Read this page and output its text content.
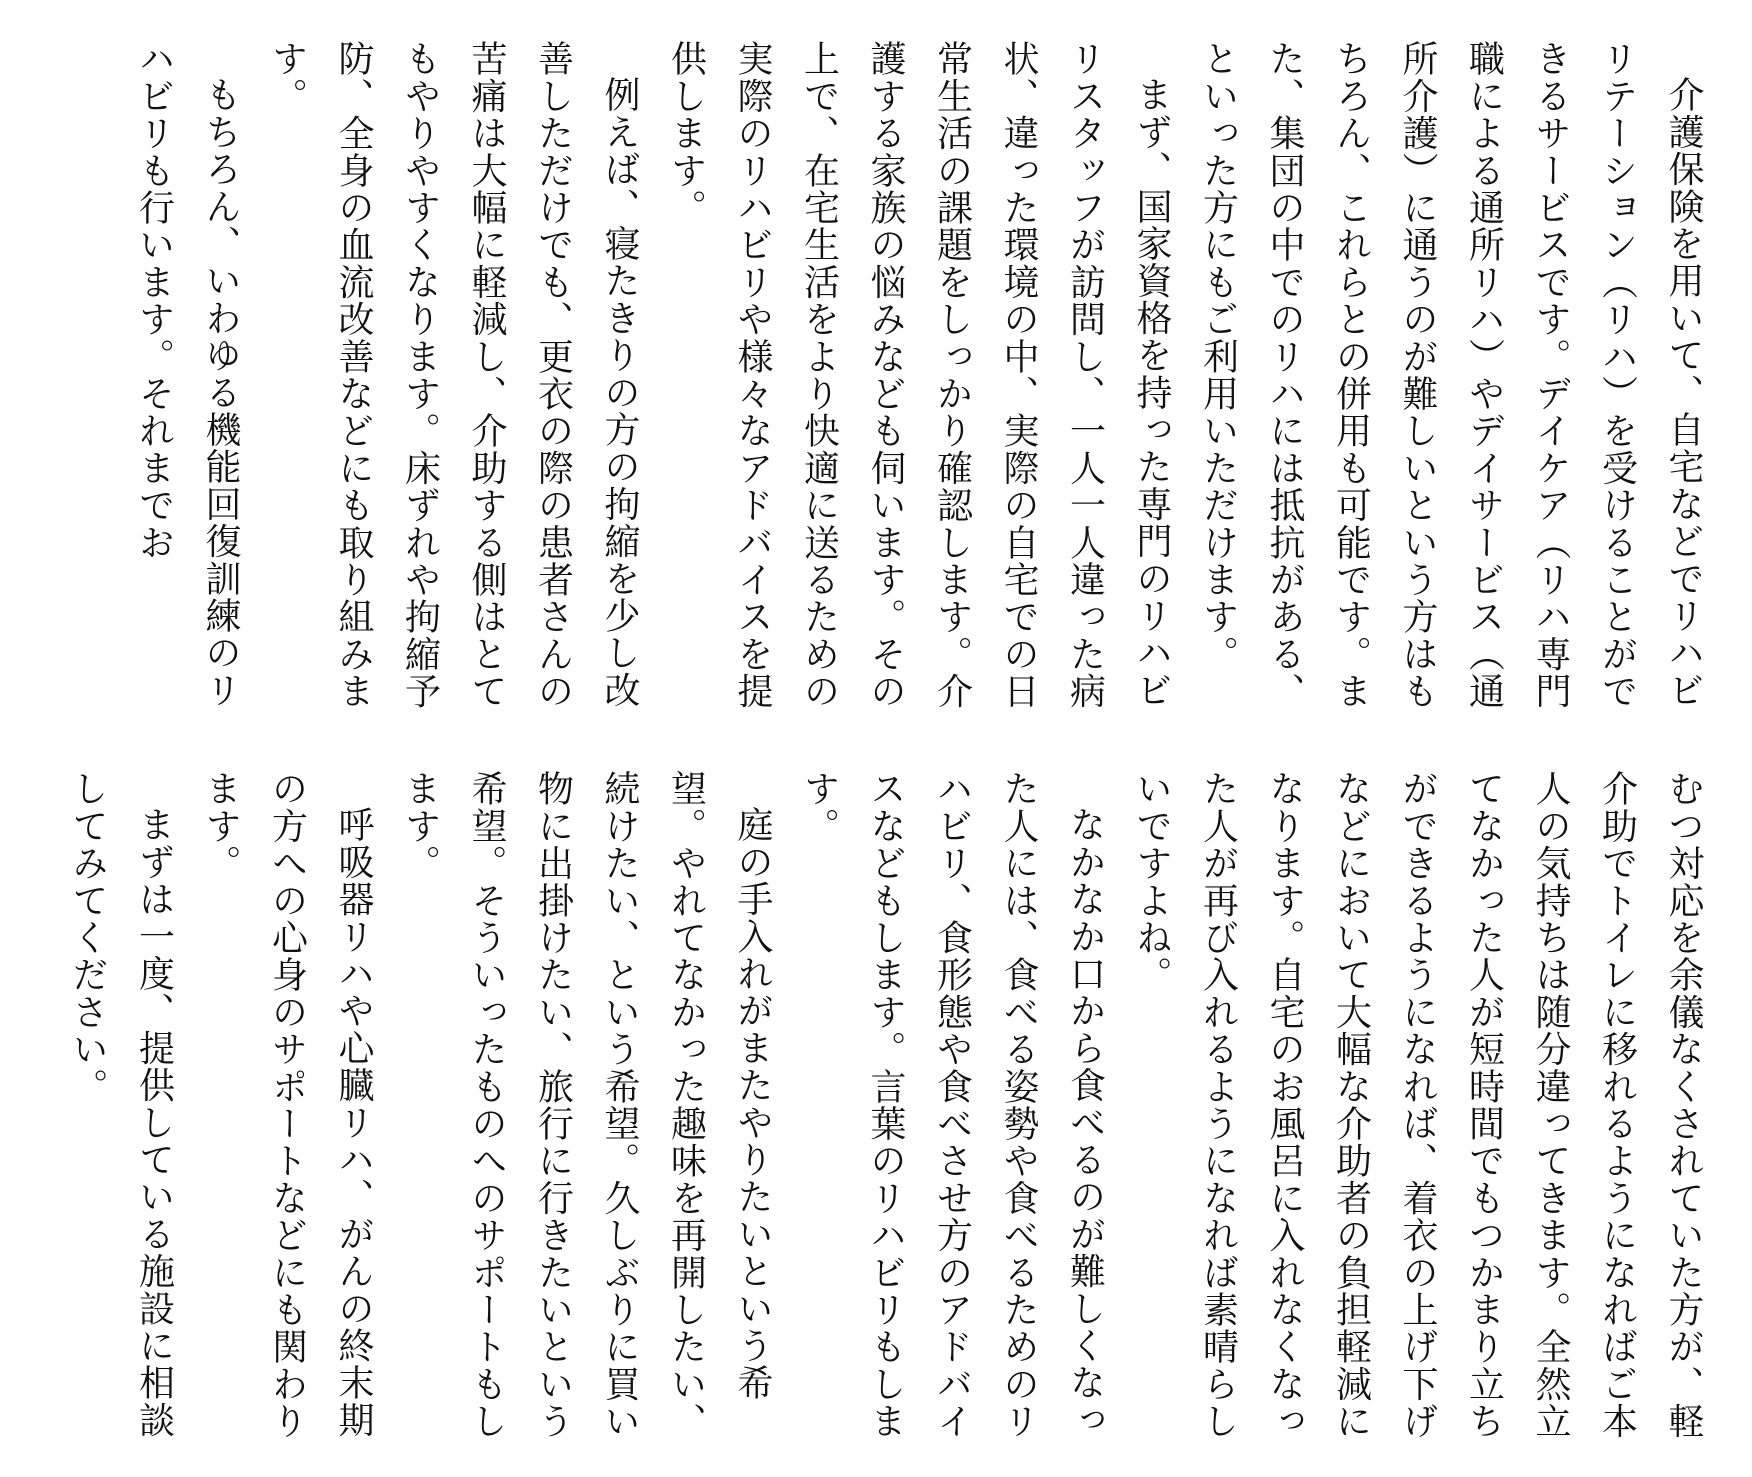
介護保険を用いて、自宅などでリハビリテーション（リハ）を受けることができるサービスです。デイケア（リハ専門職による通所リハ）やデイサービス（通所介護）に通うのが難しいという方はもちろん、これらとの併用も可能です。また、集団の中でのリハには抵抗がある、といった方にもご利用いただけます。

まず、国家資格を持った専門のリハビリスタッフが訪問し、一人一人違った病状、違った環境の中、実際の自宅での日常生活の課題をしっかり確認します。介護する家族の悩みなども伺います。その上で、在宅生活をより快適に送るための実際のリハビリや様々なアドバイスを提供します。

例えば、寝たきりの方の拘縮を少し改善しただけでも、更衣の際の患者さんの苦痛は大幅に軽減し、介助する側はとてもやりやすくなります。床ずれや拘縮予防、全身の血流改善などにも取り組みます。

もちろん、いわゆる機能回復訓練のリハビリも行います。それまでお

むつ対応を余儀なくされていた方が、軽介助でトイレに移れるようになればご本人の気持ちは随分違ってきます。全然立てなかった人が短時間でもつかまり立ちができるようになれば、着衣の上げ下げなどにおいて大幅な介助者の負担軽減になります。自宅のお風呂に入れなくなった人が再び入れるようになれば素晴らしいですよね。

なかなか口から食べるのが難しくなった人には、食べる姿勢や食べるためのリハビリ、食形態や食べさせ方のアドバイスなどもします。言葉のリハビリもします。

庭の手入れがまたやりたいという希望。やれてなかった趣味を再開したい、続けたい、という希望。久しぶりに買い物に出掛けたい、旅行に行きたいという希望。そういったものへのサポートもします。

呼吸器リハや心臓リハ、がんの終末期の方への心身のサポートなどにも関わります。

まずは一度、提供している施設に相談してみてください。
